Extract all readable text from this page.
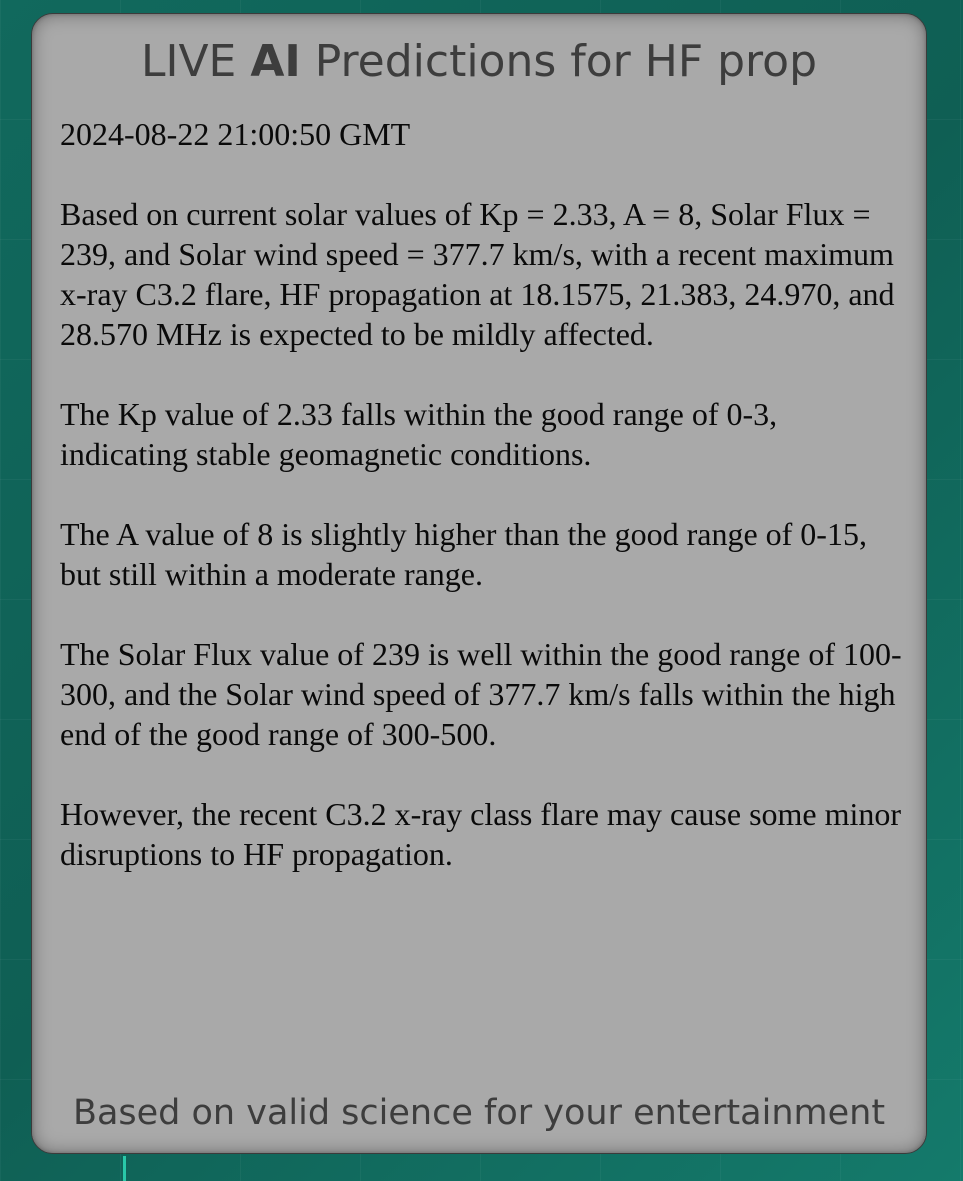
LIVE AI Predictions for HF prop

2024-08-22 21:00:50 GMT

Based on current solar values of Kp = 2.33, A = 8, Solar Flux = 239, and Solar wind speed = 377.7 km/s, with a recent maximum x-ray C3.2 flare, HF propagation at 18.1575, 21.383, 24.970, and 28.570 MHz is expected to be mildly affected.

The Kp value of 2.33 falls within the good range of 0-3, indicating stable geomagnetic conditions.

The A value of 8 is slightly higher than the good range of 0-15, but still within a moderate range.

The Solar Flux value of 239 is well within the good range of 100-300, and the Solar wind speed of 377.7 km/s falls within the high end of the good range of 300-500.

However, the recent C3.2 x-ray class flare may cause some minor disruptions to HF propagation.

Based on valid science for your entertainment
